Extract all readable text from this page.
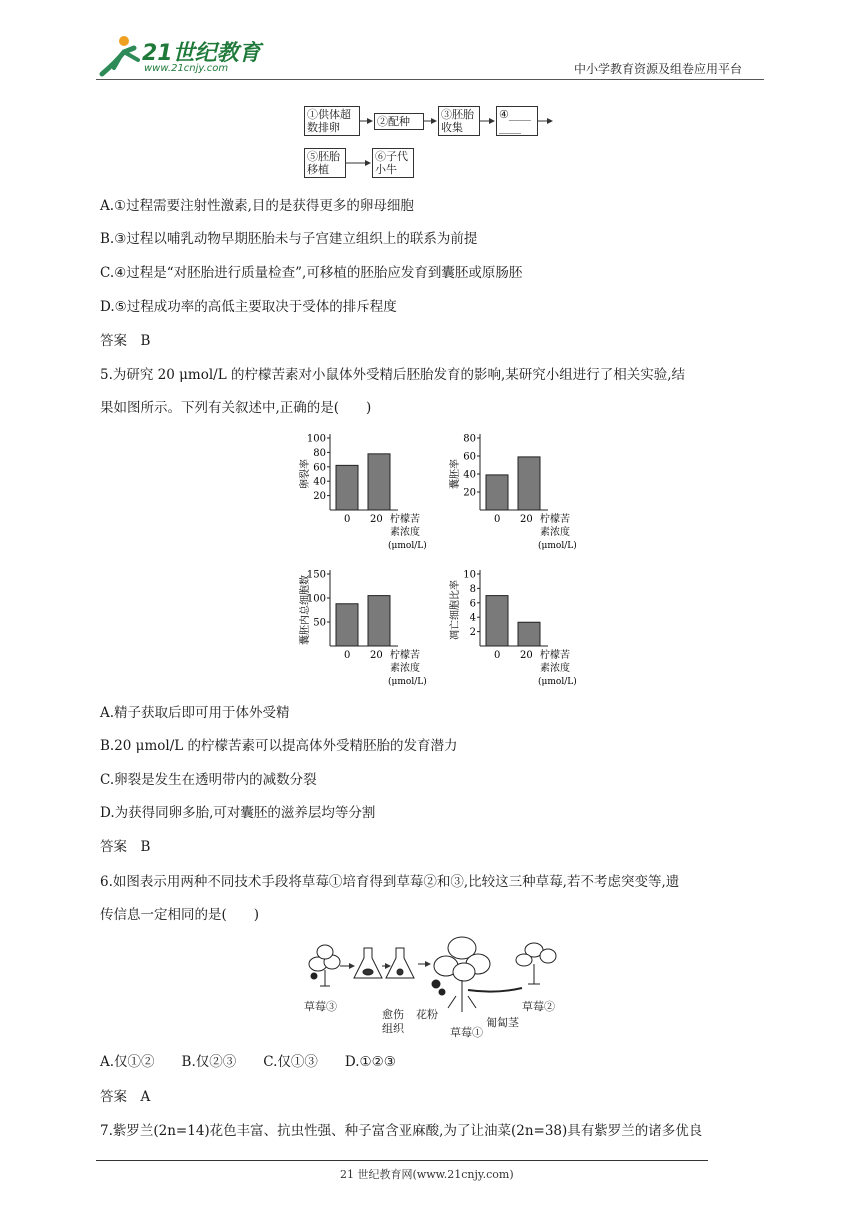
21世纪教育
www.21cnjy.com	中小学教育资源及组卷应用平台
①供体超数排卵	②配种
③胚胎收集
④____
____
⑤胚胎移植
⑥子代小牛
A.①过程需要注射性激素,目的是获得更多的卵母细胞
B.③过程以哺乳动物早期胚胎未与子宫建立组织上的联系为前提
C.④过程是“对胚胎进行质量检查”,可移植的胚胎应发育到囊胚或原肠胚
D.⑤过程成功率的高低主要取决于受体的排斥程度
答案　B
5.为研究 20 μmol/L 的柠檬苦素对小鼠体外受精后胚胎发育的影响,某研究小组进行了相关实验,结
果如图所示。下列有关叙述中,正确的是(　　)
卵裂率
20
40
60
80
100
0 20 柠檬苦
素浓度
(μmol/L)
囊胚率
20
40
60
80
0 20 柠檬苦
素浓度
(μmol/L)
囊胚内总细胞数 50
100
150
0 20 柠檬苦
素浓度
(μmol/L)
凋亡细胞比率 2
4
6
8
10
0 20 柠檬苦
素浓度
(μmol/L)
A.精子获取后即可用于体外受精
B.20 μmol/L 的柠檬苦素可以提高体外受精胚胎的发育潜力
C.卵裂是发生在透明带内的减数分裂
D.为获得同卵多胎,可对囊胚的滋养层均等分割
答案　B
6.如图表示用两种不同技术手段将草莓①培育得到草莓②和③,比较这三种草莓,若不考虑突变等,遗
传信息一定相同的是(　　)
草莓③
愈伤
组织
花粉
草莓①
匍匐茎
草莓②
A.仅①②　　B.仅②③　　C.仅①③　　D.①②③
答案　A
7.紫罗兰(2n=14)花色丰富、抗虫性强、种子富含亚麻酸,为了让油菜(2n=38)具有紫罗兰的诸多优良
21 世纪教育网(www.21cnjy.com)
